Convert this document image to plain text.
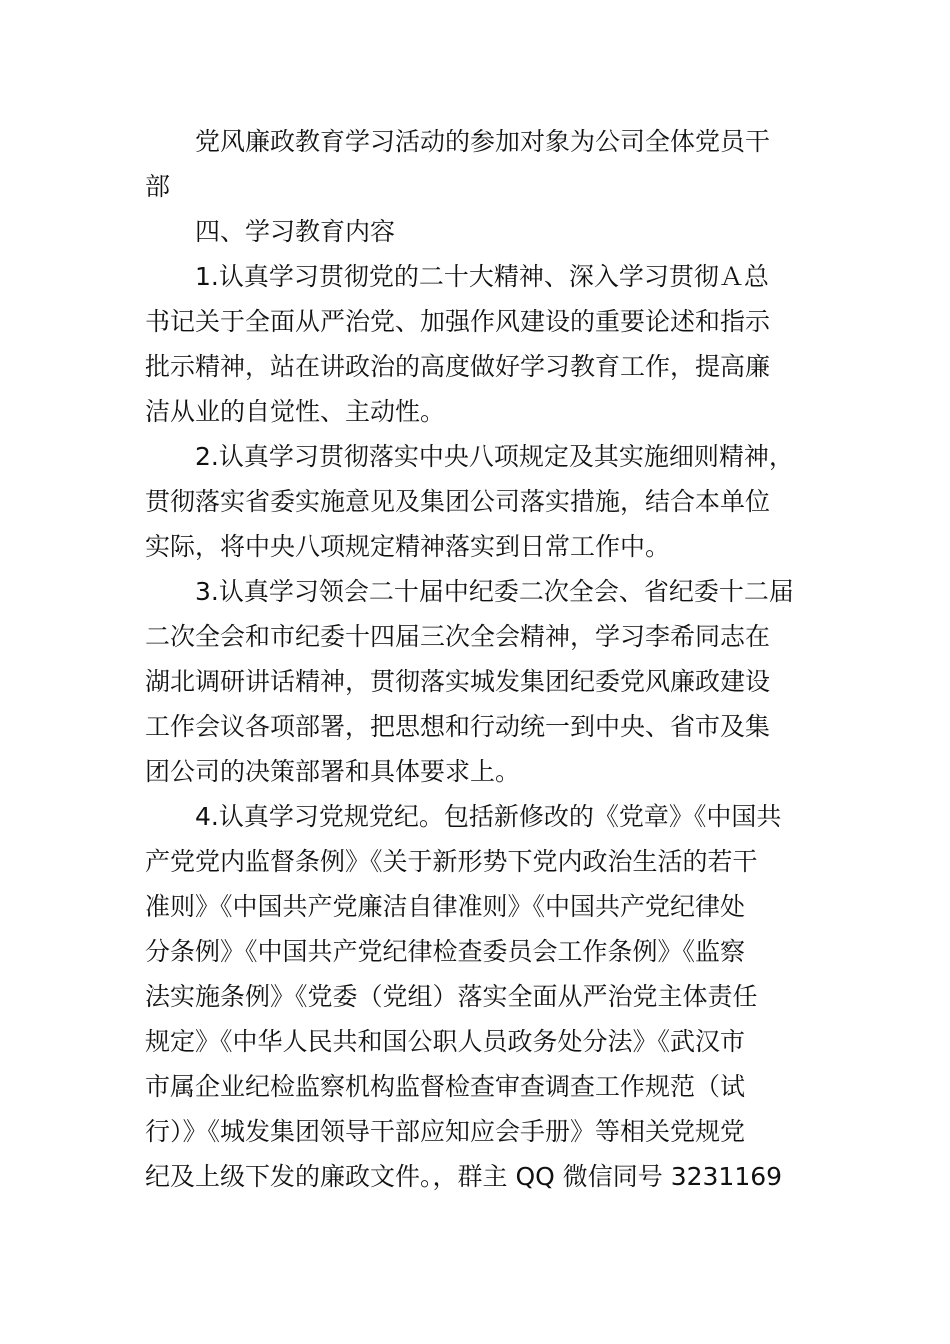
党风廉政教育学习活动的参加对象为公司全体党员干

部

四、学习教育内容

1.认真学习贯彻党的二十大精神、深入学习贯彻Ａ总

书记关于全面从严治党、加强作风建设的重要论述和指示

批示精神，站在讲政治的高度做好学习教育工作，提高廉

洁从业的自觉性、主动性。

2.认真学习贯彻落实中央八项规定及其实施细则精神，

贯彻落实省委实施意见及集团公司落实措施，结合本单位

实际，将中央八项规定精神落实到日常工作中。

3.认真学习领会二十届中纪委二次全会、省纪委十二届

二次全会和市纪委十四届三次全会精神，学习李希同志在

湖北调研讲话精神，贯彻落实城发集团纪委党风廉政建设

工作会议各项部署，把思想和行动统一到中央、省市及集

团公司的决策部署和具体要求上。

4.认真学习党规党纪。包括新修改的《党章》《中国共

产党党内监督条例》《关于新形势下党内政治生活的若干

准则》《中国共产党廉洁自律准则》《中国共产党纪律处

分条例》《中国共产党纪律检查委员会工作条例》《监察

法实施条例》《党委（党组）落实全面从严治党主体责任

规定》《中华人民共和国公职人员政务处分法》《武汉市

市属企业纪检监察机构监督检查审查调查工作规范（试

行）》《城发集团领导干部应知应会手册》等相关党规党

纪及上级下发的廉政文件。，群主 QQ 微信同号 3231169
